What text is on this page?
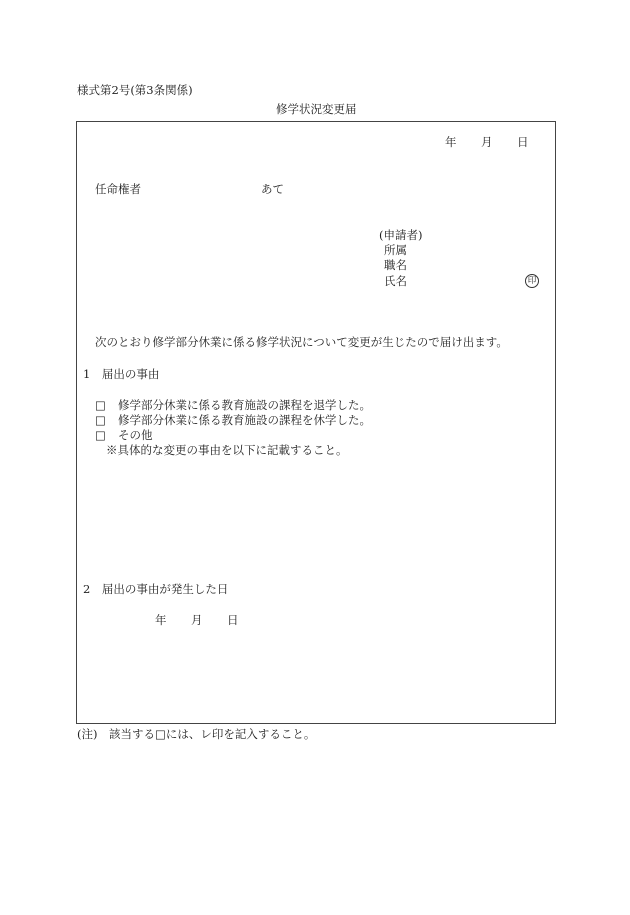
様式第2号(第3条関係)
修学状況変更届
年 月 日
任命権者	あて
(申請者)
所属
職名
氏名	印
次のとおり修学部分休業に係る修学状況について変更が生じたので届け出ます。
1　届出の事由
□ 修学部分休業に係る教育施設の課程を退学した。
□ 修学部分休業に係る教育施設の課程を休学した。
□ その他
※具体的な変更の事由を以下に記載すること。
2　届出の事由が発生した日
年 月 日
(注)　該当する□には、レ印を記入すること。
